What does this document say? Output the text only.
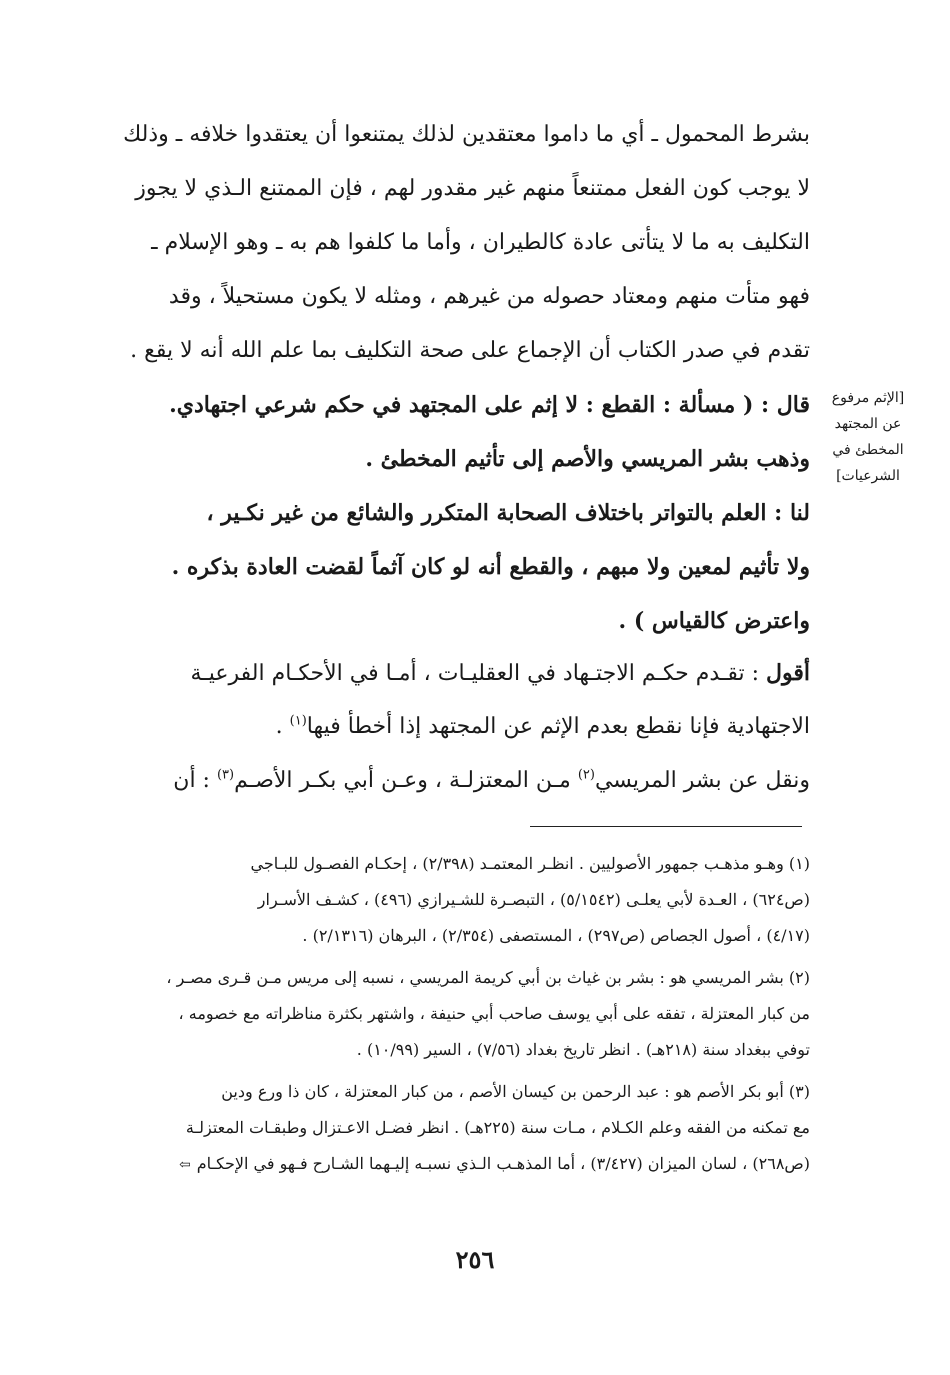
بشرط المحمول ـ أي ما داموا معتقدين لذلك يمتنعوا أن يعتقدوا خلافه ـ وذلك
لا يوجب كون الفعل ممتنعاً منهم غير مقدور لهم ، فإن الممتنع الـذي لا يجوز
التكليف به ما لا يتأتى عادة كالطيران ، وأما ما كلفوا هم به ـ وهو الإسلام ـ
فهو متأت منهم ومعتاد حصوله من غيرهم ، ومثله لا يكون مستحيلاً ، وقد
تقدم في صدر الكتاب أن الإجماع على صحة التكليف بما علم الله أنه لا يقع .
قال : ( مسألة : القطع : لا إثم على المجتهد في حكم شرعي اجتهادي.
وذهب بشر المريسي والأصم إلى تأثيم المخطئ .
لنا : العلم بالتواتر باختلاف الصحابة المتكرر والشائع من غير نكـير ،
ولا تأثيم لمعين ولا مبهم ، والقطع أنه لو كان آثماً لقضت العادة بذكره .
واعترض كالقياس ) .
[الإثم مرفوع
عن المجتهد
المخطئ في
الشرعيات]
أقول : تقـدم حكـم الاجتـهاد في العقليـات ، أمـا في الأحكـام الفرعيـة
الاجتهادية فإنا نقطع بعدم الإثم عن المجتهد إذا أخطأ فيها$^{(١)}$ .
ونقل عن بشر المريسي$^{(٢)}$ مـن المعتزلـة ، وعـن أبي بكـر الأصـم$^{(٣)}$ : أن
(١) وهـو مذهـب جمهور الأصوليين . انظـر المعتمـد (٢/٣٩٨) ، إحكـام الفصـول للبـاجي
(ص٦٢٤) ، العـدة لأبي يعلـى (٥/١٥٤٢) ، التبصـرة للشـيرازي (٤٩٦) ، كشـف الأسـرار
(٤/١٧) ، أصول الجصاص (ص٢٩٧) ، المستصفى (٢/٣٥٤) ، البرهان (٢/١٣١٦) .
(٢) بشر المريسي هو : بشر بن غياث بن أبي كريمة المريسي ، نسبه إلى مريس مـن قـرى مصـر ،
من كبار المعتزلة ، تفقه على أبي يوسف صاحب أبي حنيفة ، واشتهر بكثرة مناظراته مع خصومه ،
توفي ببغداد سنة (٢١٨هـ) . انظر تاريخ بغداد (٧/٥٦) ، السير (١٠/٩٩) .
(٣) أبو بكر الأصم هو : عبد الرحمن بن كيسان الأصم ، من كبار المعتزلة ، كان ذا ورع ودين
مع تمكنه من الفقه وعلم الكـلام ، مـات سنة (٢٢٥هـ) . انظر فضـل الاعـتزال وطبقـات المعتزلـة
(ص٢٦٨) ، لسان الميزان (٣/٤٢٧) ، أما المذهـب الـذي نسبـه إليـهما الشـارح فـهو في الإحكـام⇦
٢٥٦
